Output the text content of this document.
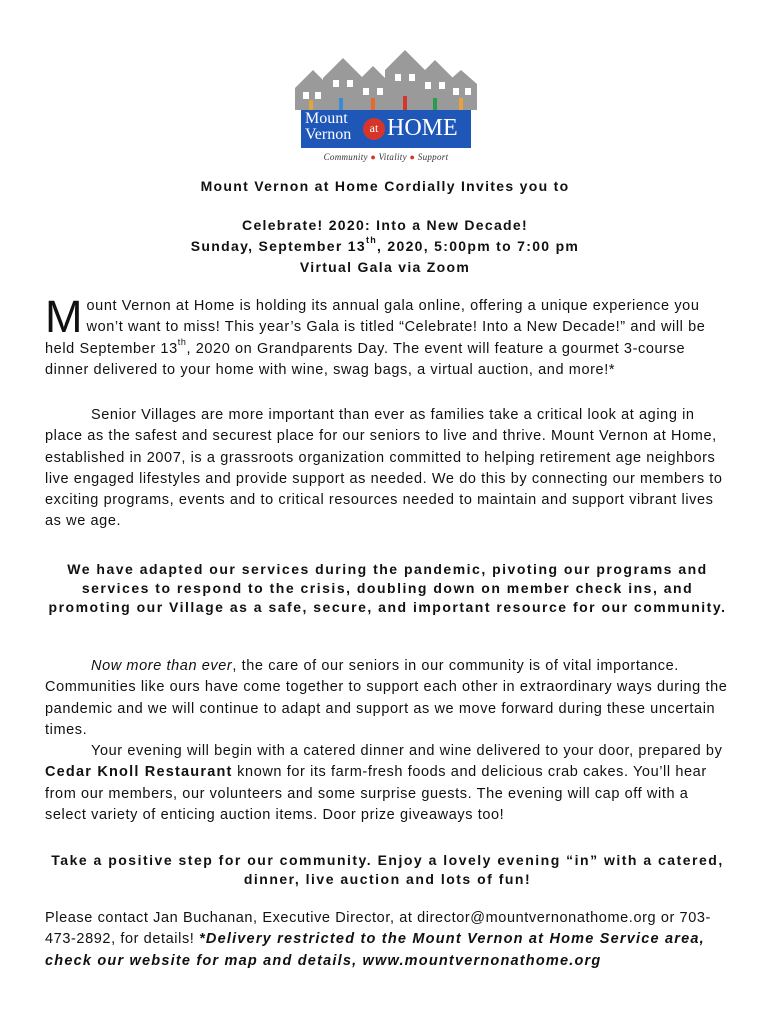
Mount
Vernon	at HOME
Community ● Vitality ● Support
Mount Vernon at Home Cordially Invites you to
Celebrate! 2020: Into a New Decade!
Sunday, September 13th, 2020, 5:00pm to 7:00 pm
Virtual Gala via Zoom
Mount Vernon at Home is holding its annual gala online, offering a unique experience you won’t want to miss! This year’s Gala is titled “Celebrate! Into a New Decade!” and will be held September 13th, 2020 on Grandparents Day. The event will feature a gourmet 3-course dinner delivered to your home with wine, swag bags, a virtual auction, and more!*
Senior Villages are more important than ever as families take a critical look at aging in place as the safest and securest place for our seniors to live and thrive. Mount Vernon at Home, established in 2007, is a grassroots organization committed to helping retirement age neighbors live engaged lifestyles and provide support as needed. We do this by connecting our members to exciting programs, events and to critical resources needed to maintain and support vibrant lives as we age.
We have adapted our services during the pandemic, pivoting our programs and services to respond to the crisis, doubling down on member check ins, and promoting our Village as a safe, secure, and important resource for our community.
Now more than ever, the care of our seniors in our community is of vital importance. Communities like ours have come together to support each other in extraordinary ways during the pandemic and we will continue to adapt and support as we move forward during these uncertain times.
Your evening will begin with a catered dinner and wine delivered to your door, prepared by Cedar Knoll Restaurant known for its farm-fresh foods and delicious crab cakes. You’ll hear from our members, our volunteers and some surprise guests. The evening will cap off with a select variety of enticing auction items. Door prize giveaways too!
Take a positive step for our community. Enjoy a lovely evening “in” with a catered, dinner, live auction and lots of fun!
Please contact Jan Buchanan, Executive Director, at director@mountvernonathome.org or 703-473-2892, for details! *Delivery restricted to the Mount Vernon at Home Service area, check our website for map and details, www.mountvernonathome.org
